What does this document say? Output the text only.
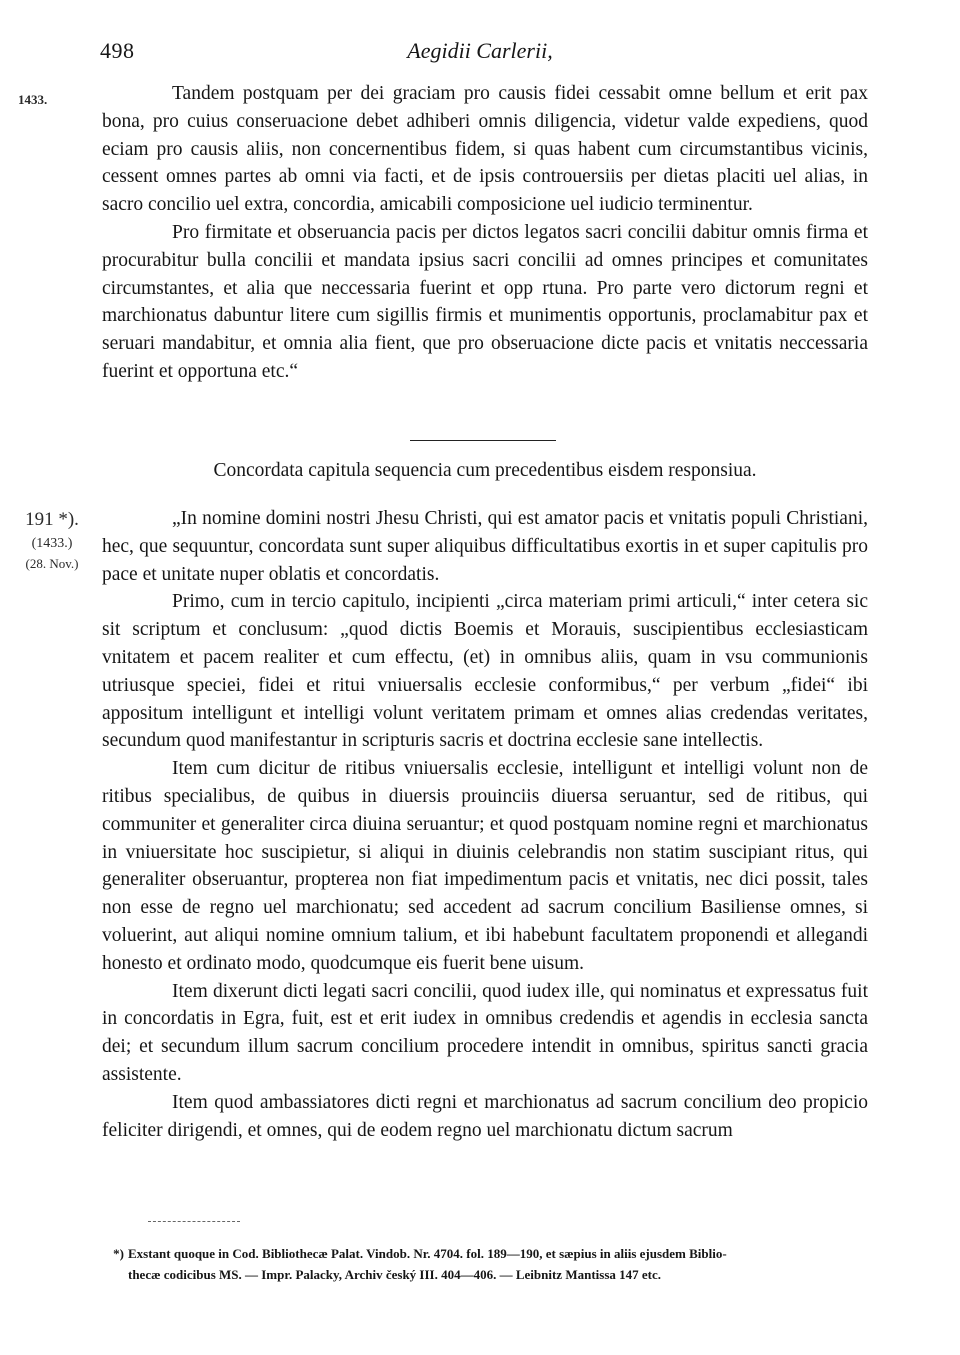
498	Aegidii Carlerii,
1433.	Tandem postquam per dei graciam pro causis fidei cessabit omne bellum et erit pax bona, pro cuius conseruacione debet adhiberi omnis diligencia, videtur valde expediens, quod eciam pro causis aliis, non concernentibus fidem, si quas habent cum circumstantibus vicinis, cessent omnes partes ab omni via facti, et de ipsis controuersiis per dietas placiti uel alias, in sacro concilio uel extra, concordia, amicabili composicione uel iudicio terminentur.

Pro firmitate et obseruancia pacis per dictos legatos sacri concilii dabitur omnis firma et procurabitur bulla concilii et mandata ipsius sacri concilii ad omnes principes et comunitates circumstantes, et alia que neccessaria fuerint et opp rtuna. Pro parte vero dictorum regni et marchionatus dabuntur litere cum sigillis firmis et munimentis opportunis, proclamabitur pax et seruari mandabitur, et omnia alia fient, que pro obseruacione dicte pacis et vnitatis neccessaria fuerint et opportuna etc.“

Concordata capitula sequencia cum precedentibus eisdem responsiua.
191 *).
(1433.)
(28. Nov.)

„In nomine domini nostri Jhesu Christi, qui est amator pacis et vnitatis populi Christiani, hec, que sequuntur, concordata sunt super aliquibus difficultatibus exortis in et super capitulis pro pace et unitate nuper oblatis et concordatis.

Primo, cum in tercio capitulo, incipienti „circa materiam primi articuli,“ inter cetera sic sit scriptum et conclusum: „quod dictis Boemis et Morauis, suscipientibus ecclesiasticam vnitatem et pacem realiter et cum effectu, (et) in omnibus aliis, quam in vsu communionis utriusque speciei, fidei et ritui vniuersalis ecclesie conformibus,“ per verbum „fidei“ ibi appositum intelligunt et intelligi volunt veritatem primam et omnes alias credendas veritates, secundum quod manifestantur in scripturis sacris et doctrina ecclesie sane intellectis.

Item cum dicitur de ritibus vniuersalis ecclesie, intelligunt et intelligi volunt non de ritibus specialibus, de quibus in diuersis prouinciis diuersa seruantur, sed de ritibus, qui communiter et generaliter circa diuina seruantur; et quod postquam nomine regni et marchionatus in vniuersitate hoc suscipietur, si aliqui in diuinis celebrandis non statim suscipiant ritus, qui generaliter obseruantur, propterea non fiat impedimentum pacis et vnitatis, nec dici possit, tales non esse de regno uel marchionatu; sed accedent ad sacrum concilium Basiliense omnes, si voluerint, aut aliqui nomine omnium talium, et ibi habebunt facultatem proponendi et allegandi honesto et ordinato modo, quodcumque eis fuerit bene uisum.

Item dixerunt dicti legati sacri concilii, quod iudex ille, qui nominatus et expressatus fuit in concordatis in Egra, fuit, est et erit iudex in omnibus credendis et agendis in ecclesia sancta dei; et secundum illum sacrum concilium procedere intendit in omnibus, spiritus sancti gracia assistente.

Item quod ambassiatores dicti regni et marchionatus ad sacrum concilium deo propicio feliciter dirigendi, et omnes, qui de eodem regno uel marchionatu dictum sacrum

*) Exstant quoque in Cod. Bibliothecæ Palat. Vindob. Nr. 4704. fol. 189—190, et sæpius in aliis ejusdem Biblio-
thecæ codicibus MS. — Impr. Palacky, Archiv český III. 404—406. — Leibnitz Mantissa 147 etc.
